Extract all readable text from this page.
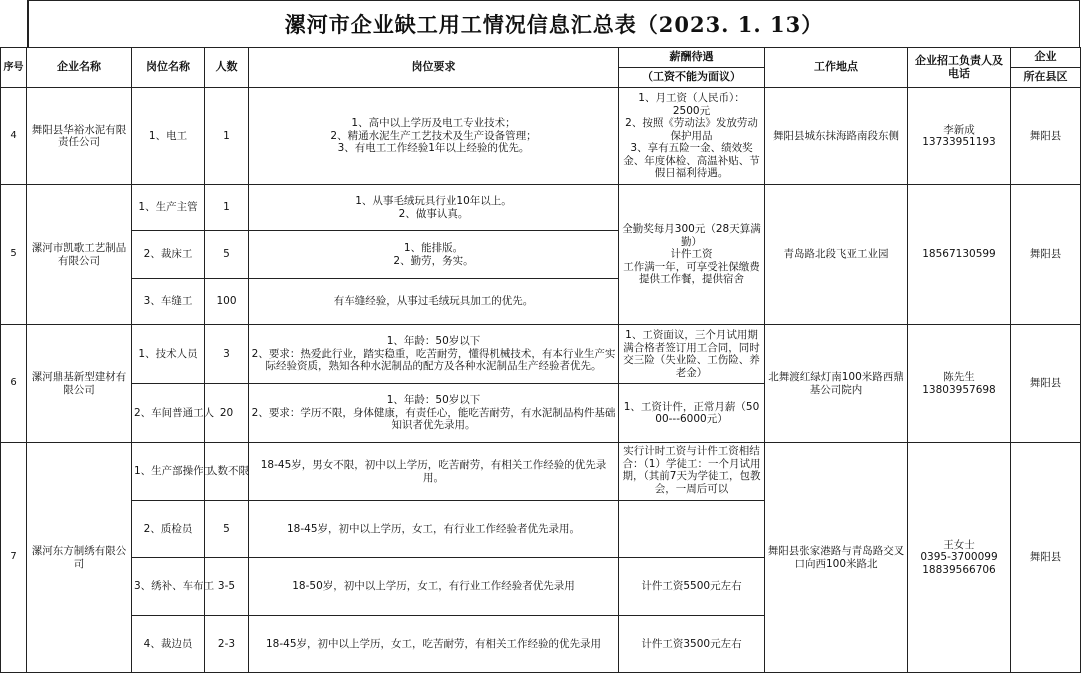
漯河市企业缺工用工情况信息汇总表（2023. 1. 13）
序号	企业名称	岗位名称	人数	岗位要求	薪酬待遇	工作地点	企业招工负责人及电话	企业
					（工资不能为面议）			所在县区
4	舞阳县华裕水泥有限责任公司	1、电工	1	1、高中以上学历及电工专业技术；
2、精通水泥生产工艺技术及生产设备管理；
3、有电工工作经验1年以上经验的优先。	1、月工资（人民币）：
2500元
2、按照《劳动法》发放劳动保护用品
3、享有五险一金、绩效奖金、年度体检、高温补贴、节假日福利待遇。	舞阳县城东抹海路南段东侧	李新成
13733951193	舞阳县
5	漯河市凯歌工艺制品有限公司	1、生产主管	1	1、从事毛绒玩具行业10年以上。
2、做事认真。	全勤奖每月300元（28天算满勤）
计件工资
工作满一年，可享受社保缴费
提供工作餐，提供宿舍	青岛路北段飞亚工业园	18567130599	舞阳县
		2、裁床工	5	1、能排版。
2、勤劳，务实。				
		3、车缝工	100	有车缝经验，从事过毛绒玩具加工的优先。				
6	漯河鼎基新型建材有限公司	1、技术人员	3	1、年龄：50岁以下
2、要求：热爱此行业，踏实稳重，吃苦耐劳，懂得机械技术，有本行业生产实际经验资质，熟知各种水泥制品的配方及各种水泥制品生产经验者优先。	1、工资面议，三个月试用期满合格者签订用工合同，同时交三险（失业险、工伤险、养老金）	北舞渡红绿灯南100米路西鼎基公司院内	陈先生
13803957698	舞阳县
		2、车间普通工人	20	1、年龄：50岁以下
2、要求：学历不限，身体健康，有责任心，能吃苦耐劳，有水泥制品构件基础知识者优先录用。	1、工资计件，正常月薪（5000---6000元）			
7	漯河东方制绣有限公司	1、生产部操作工	人数不限	18-45岁，男女不限，初中以上学历，吃苦耐劳，有相关工作经验的优先录用。	实行计时工资与计件工资相结合：（1）学徒工：一个月试用期，（其前7天为学徒工，包教会，一周后可以	舞阳县张家港路与青岛路交叉口向西100米路北	王女士
0395-3700099
18839566706	舞阳县
		2、质检员	5	18-45岁，初中以上学历，女工，有行业工作经验者优先录用。				
		3、绣补、车布工	3-5	18-50岁，初中以上学历，女工，有行业工作经验者优先录用	计件工资5500元左右			
		4、裁边员	2-3	18-45岁，初中以上学历，女工，吃苦耐劳，有相关工作经验的优先录用	计件工资3500元左右			
